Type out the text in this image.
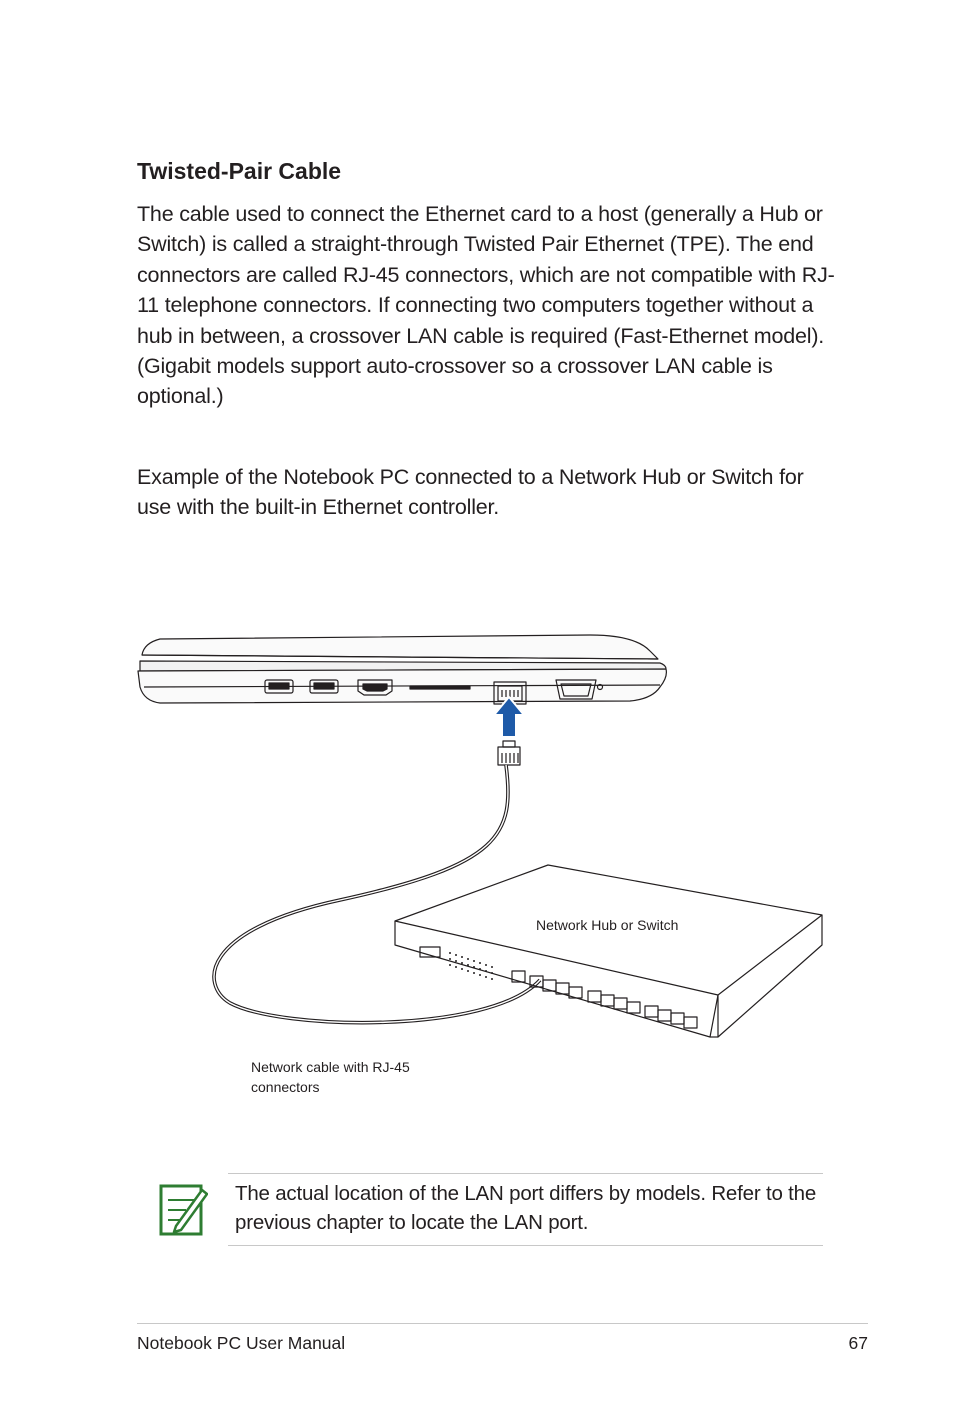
Twisted-Pair Cable

The cable used to connect the Ethernet card to a host (generally a Hub or Switch) is called a straight-through Twisted Pair Ethernet (TPE). The end connectors are called RJ-45 connectors, which are not compatible with RJ-11 telephone connectors. If connecting two computers together without a hub in between, a crossover LAN cable is required (Fast-Ethernet model). (Gigabit models support auto-crossover so a crossover LAN cable is optional.)

Example of the Notebook PC connected to a Network Hub or Switch for use with the built-in Ethernet controller.

Network Hub or Switch
Network cable with RJ-45 connectors

The actual location of the LAN port differs by models. Refer to the previous chapter to locate the LAN port.

Notebook PC User Manual	67
